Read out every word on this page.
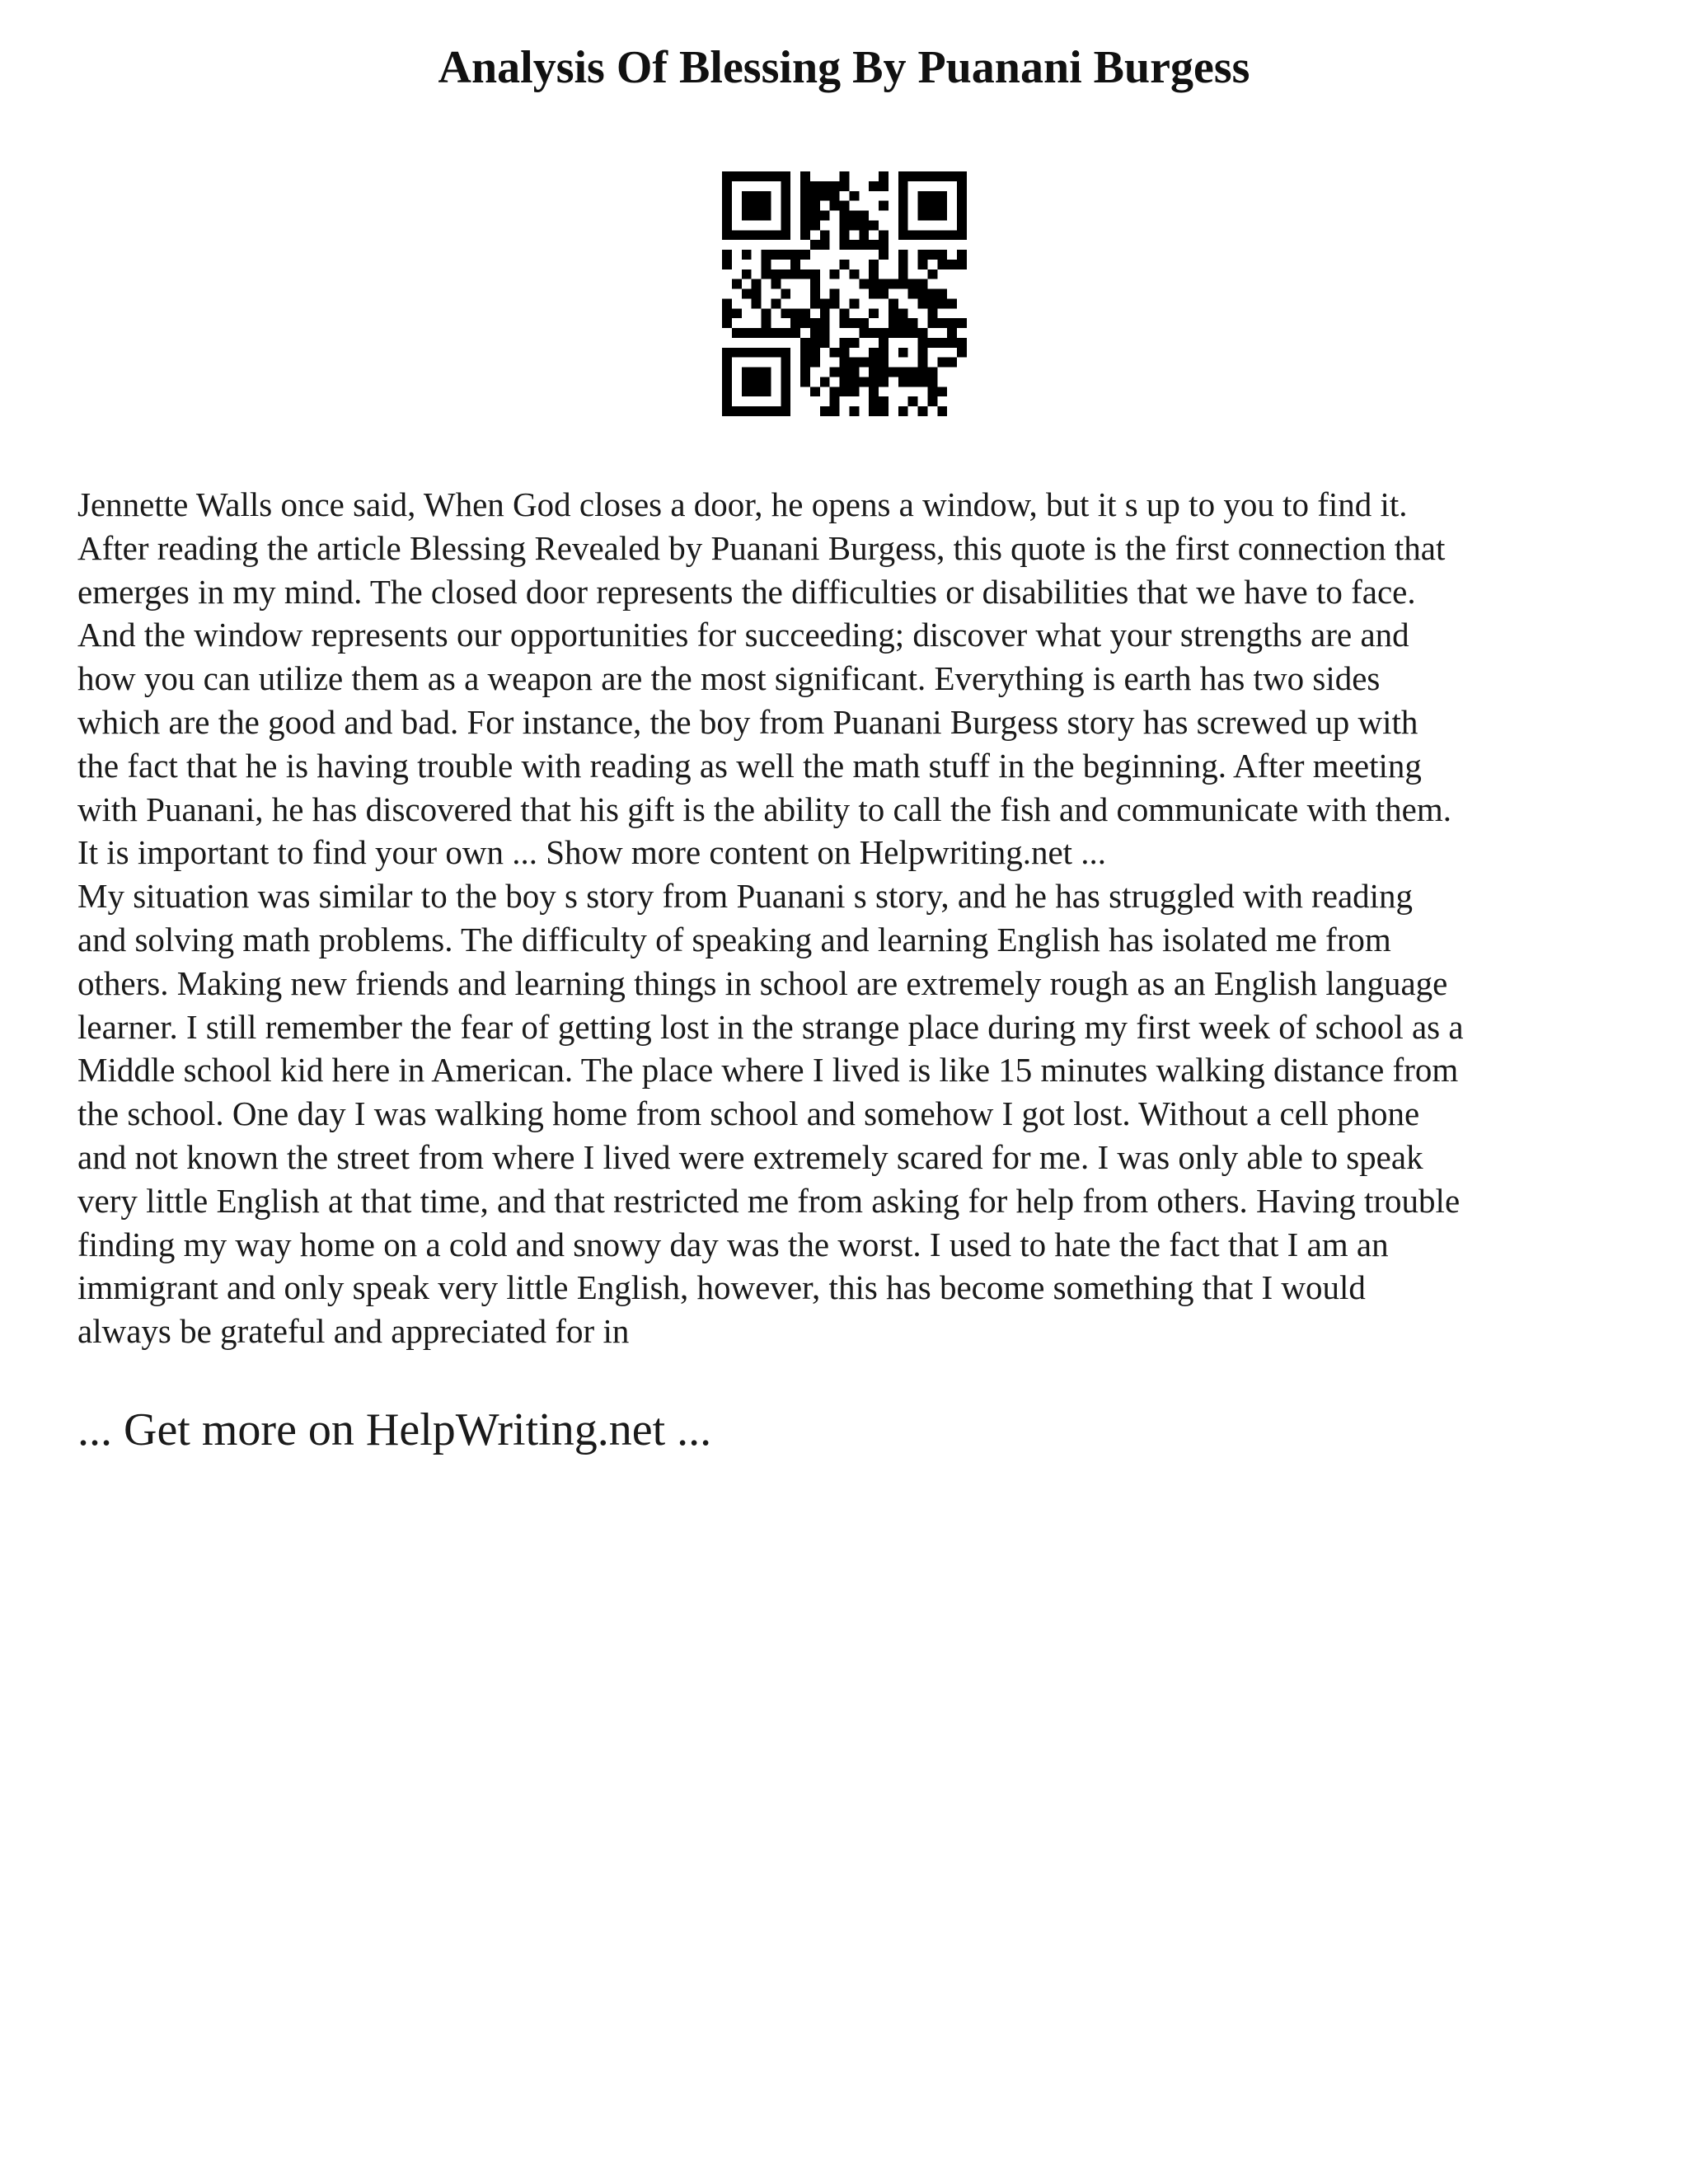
Analysis Of Blessing By Puanani Burgess

Jennette Walls once said, When God closes a door, he opens a window, but it s up to you to find it.
After reading the article Blessing Revealed by Puanani Burgess, this quote is the first connection that
emerges in my mind. The closed door represents the difficulties or disabilities that we have to face.
And the window represents our opportunities for succeeding; discover what your strengths are and
how you can utilize them as a weapon are the most significant. Everything is earth has two sides
which are the good and bad. For instance, the boy from Puanani Burgess story has screwed up with
the fact that he is having trouble with reading as well the math stuff in the beginning. After meeting
with Puanani, he has discovered that his gift is the ability to call the fish and communicate with them.
It is important to find your own ... Show more content on Helpwriting.net ...

My situation was similar to the boy s story from Puanani s story, and he has struggled with reading
and solving math problems. The difficulty of speaking and learning English has isolated me from
others. Making new friends and learning things in school are extremely rough as an English language
learner. I still remember the fear of getting lost in the strange place during my first week of school as a
Middle school kid here in American. The place where I lived is like 15 minutes walking distance from
the school. One day I was walking home from school and somehow I got lost. Without a cell phone
and not known the street from where I lived were extremely scared for me. I was only able to speak
very little English at that time, and that restricted me from asking for help from others. Having trouble
finding my way home on a cold and snowy day was the worst. I used to hate the fact that I am an
immigrant and only speak very little English, however, this has become something that I would
always be grateful and appreciated for in

... Get more on HelpWriting.net ...
